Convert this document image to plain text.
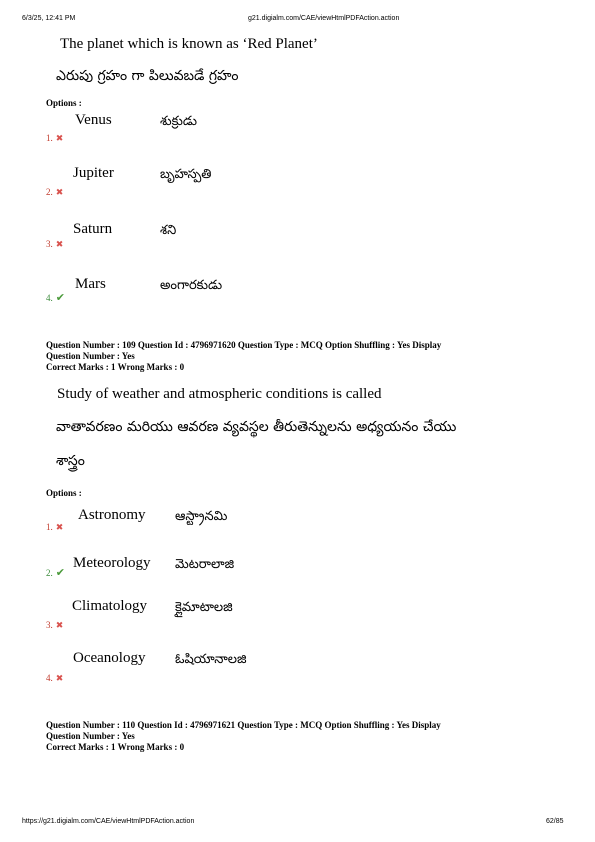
6/3/25, 12:41 PM	g21.digialm.com/CAE/viewHtmlPDFAction.action
The planet which is known as ‘Red Planet’
ఎరుపు గ్రహం గా పిలువబడే గ్రహం
Options :
Venus	శుక్రుడు
1. ✖
Jupiter	బృహస్పతి
2. ✖
Saturn	శని
3. ✖
Mars	అంగారకుడు
4. ✔
Question Number : 109 Question Id : 4796971620 Question Type : MCQ Option Shuffling : Yes Display
Question Number : Yes
Correct Marks : 1 Wrong Marks : 0
Study of weather and atmospheric conditions is called
వాతావరణం మరియు ఆవరణ వ్యవస్థల తీరుతెన్నులను అధ్యయనం చేయు
శాస్త్రం
Options :
Astronomy ఆస్ట్రానమి
1. ✖
2. ✔
Meteorology మెటరాలాజి
Climatology క్లైమాటాలజి
3. ✖
Oceanology ఓషియానాలజి
4. ✖
Question Number : 110 Question Id : 4796971621 Question Type : MCQ Option Shuffling : Yes Display
Question Number : Yes
Correct Marks : 1 Wrong Marks : 0
https://g21.digialm.com/CAE/viewHtmlPDFAction.action	62/85
